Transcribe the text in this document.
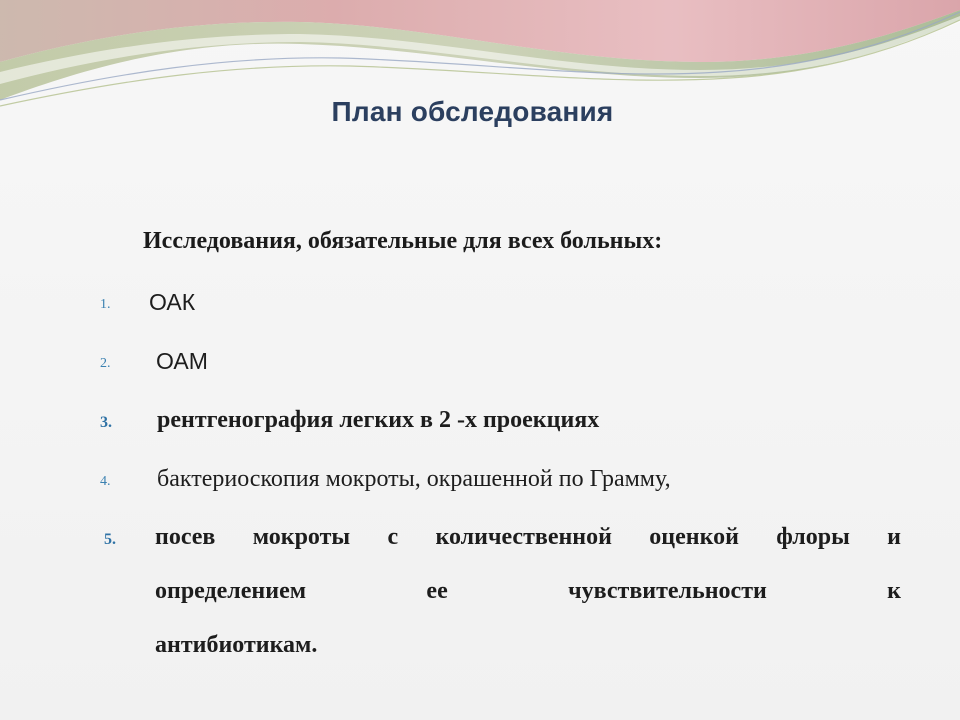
План обследования
Исследования, обязательные для всех больных:
1. ОАК
2. ОАМ
3. рентгенография легких в 2 -х проекциях
4. бактериоскопия мокроты, окрашенной по Грамму,
5. посев мокроты с количественной оценкой флоры и
определением ее чувствительности к
антибиотикам.
